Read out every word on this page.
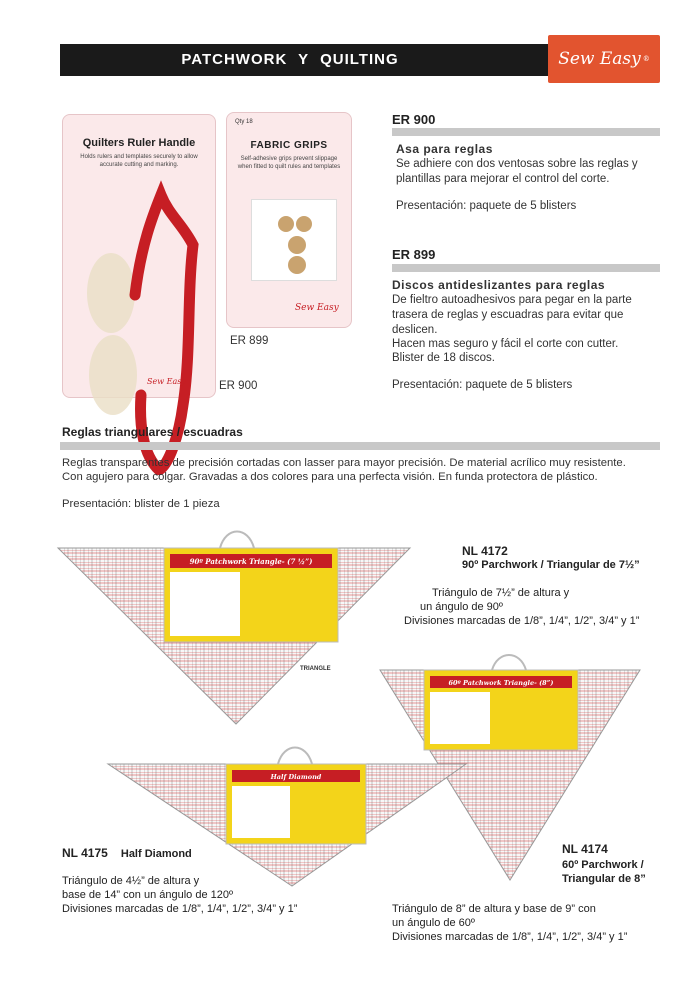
PATCHWORK Y QUILTING	Sew Easy ®
Quilters Ruler Handle
Holds rulers and templates securely to allow accurate cutting and marking.
Sew Easy	ER 900
Qty 18
FABRIC GRIPS
Self-adhesive grips prevent slippage when fitted to quilt rules and templates
Sew Easy
ER 899
ER 900
Asa para reglas
Se adhiere con dos ventosas sobre las reglas y
plantillas para mejorar el control del corte.
Presentación: paquete de 5 blisters
ER 899
Discos antideslizantes para reglas
De fieltro autoadhesivos para pegar en la parte
trasera de reglas y escuadras para evitar que
deslicen.
Hacen mas seguro y fácil el corte con cutter.
Blister de 18 discos.
Presentación: paquete de 5 blisters
Reglas triangulares / escuadras
Reglas transparentes de precisión cortadas con lasser para mayor precisión. De material acrílico muy resistente.
Con agujero para colgar. Gravadas a dos colores para una perfecta visión. En funda protectora de plástico.
Presentación: blister de 1 pieza
90º Patchwork Triangle- (7 ½”)
TRIANGLE
60º Patchwork Triangle- (8”)
Half Diamond
NL 4172
90º Parchwork / Triangular de 7½”
Triángulo de 7½” de altura y
un ángulo de 90º
Divisiones marcadas de 1/8”, 1/4”, 1/2”, 3/4” y 1”
NL 4175 Half Diamond
Triángulo de 4½” de altura y
base de 14” con un ángulo de 120º
Divisiones marcadas de 1/8”, 1/4”, 1/2”, 3/4” y 1”
NL 4174
60º Parchwork /
Triangular de 8”
Triángulo de 8” de altura y base de 9” con
un ángulo de 60º
Divisiones marcadas de 1/8”, 1/4”, 1/2”, 3/4” y 1”
